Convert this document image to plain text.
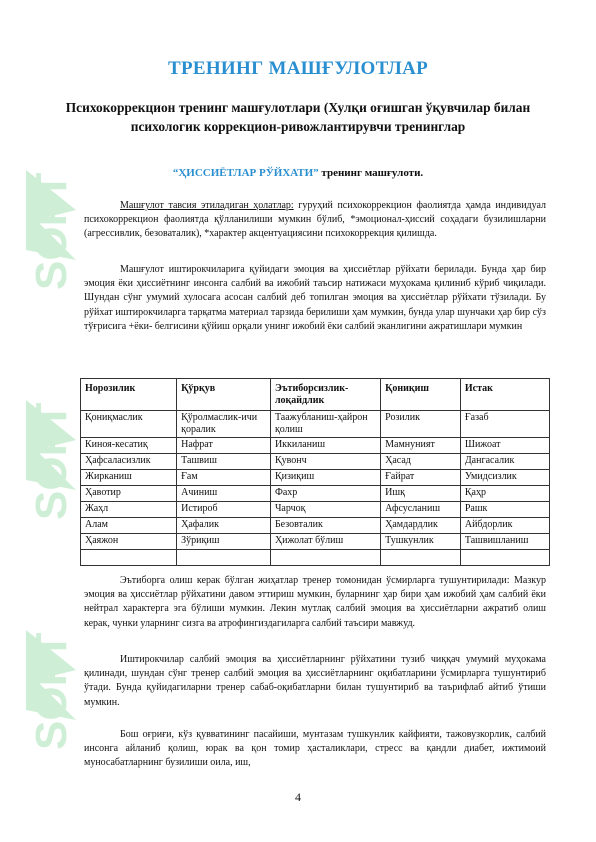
SOFT
SOFT
SOFT
ТРЕНИНГ МАШҒУЛОТЛАР
Психокоррекцион тренинг машғулотлари (Хулқи оғишган ўқувчилар билан психологик коррекцион-ривожлантирувчи тренинглар
“ҲИССИЁТЛАР РЎЙХАТИ” тренинг машғулоти.

Машғулот тавсия этиладиган ҳолатлар: гуруҳий психокоррекцион фаолиятда ҳамда индивидуал психокоррекцион фаолиятда қўлланилиши мумкин бўлиб, *эмоционал-ҳиссий соҳадаги бузилишларни (агрессивлик, безоваталик), *характер акцентуациясини психокоррекция қилишда.

Машғулот иштирокчиларига қуйидаги эмоция ва ҳиссиётлар рўйхати берилади. Бунда ҳар бир эмоция ёки ҳиссиётнинг инсонга салбий ва ижобий таъсир натижаси муҳокама қилиниб кўриб чиқилади. Шундан сўнг умумий хулосага асосан салбий деб топилган эмоция ва ҳиссиётлар рўйхати тўзилади. Бу рўйхат иштирокчиларга тарқатма материал тарзида берилиши ҳам мумкин, бунда улар шунчаки ҳар бир сўз тўғрисига +ёки- белгисини қўйиш орқали унинг ижобий ёки салбий эканлигини ажратишлари мумкин

Норозилик	Қўрқув	Эътиборсизлик-лоқайдлик	Қониқиш	Истак
Қониқмаслик	Қўролмаслик-ичи қоралик	Таажубланиш-ҳайрон қолиш	Розилик	Ғазаб
Киноя-кесатиқ	Нафрат	Иккиланиш	Мамнуният	Шижоат
Ҳафсаласизлик	Ташвиш	Қувонч	Ҳасад	Дангасалик
Жирканиш	Ғам	Қизиқиш	Ғайрат	Умидсизлик
Ҳавотир	Ачиниш	Фахр	Ишқ	Қаҳр
Жаҳл	Истироб	Чарчоқ	Афсусланиш	Рашк
Алам	Ҳафалик	Безовталик	Ҳамдардлик	Айбдорлик
Ҳаяжон	Зўриқиш	Ҳижолат бўлиш	Тушкунлик	Ташвишланиш

Эътиборга олиш керак бўлган жиҳатлар тренер томонидан ўсмирларга тушунтирилади: Мазкур эмоция ва ҳиссиётлар рўйхатини давом эттириш мумкин, буларнинг ҳар бири ҳам ижобий ҳам салбий ёки нейтрал характерга эга бўлиши мумкин. Лекин мутлақ салбий эмоция ва ҳиссиётларни ажратиб олиш керак, чунки уларнинг сизга ва атрофингиздагиларга салбий таъсири мавжуд.

Иштирокчилар салбий эмоция ва ҳиссиётларнинг рўйхатини тузиб чиққач умумий муҳокама қилинади, шундан сўнг тренер салбий эмоция ва ҳиссиётларнинг оқибатларини ўсмирларга тушунтириб ўтади. Бунда қуйидагиларни тренер сабаб-оқибатларни билан тушунтириб ва таърифлаб айтиб ўтиши мумкин.

Бош оғриғи, кўз қувватининг пасайиши, мунтазам тушкунлик кайфияти, тажовузкорлик, салбий инсонга айланиб қолиш, юрак ва қон томир ҳасталиклари, стресс ва қандли диабет, ижтимоий муносабатларнинг бузилиши оила, иш,

4
